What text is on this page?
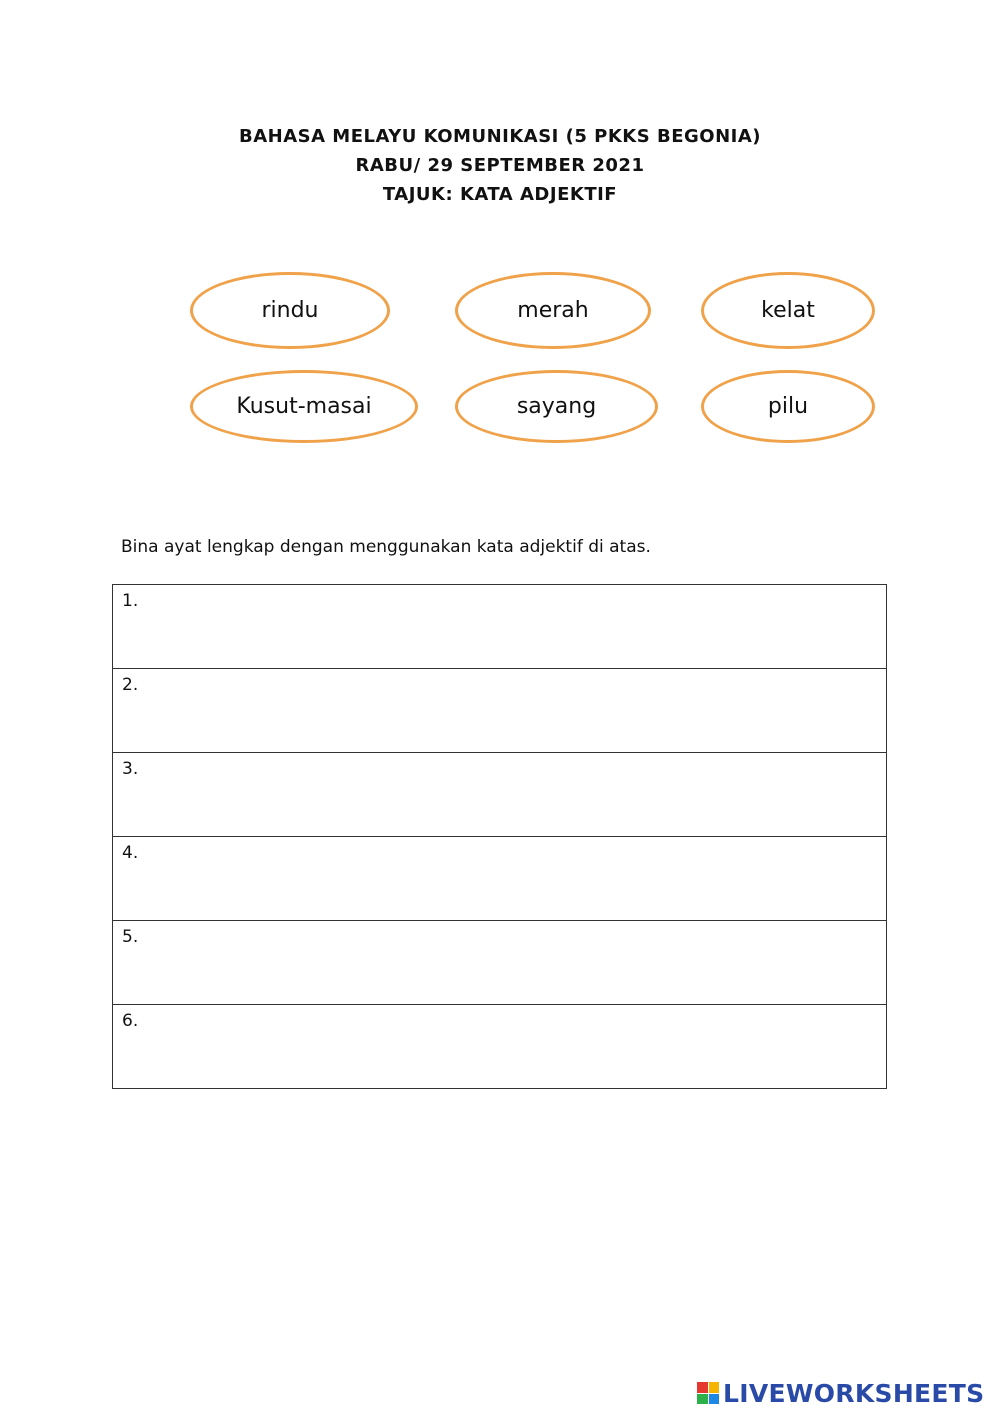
BAHASA MELAYU KOMUNIKASI (5 PKKS BEGONIA)
RABU/ 29 SEPTEMBER 2021
TAJUK: KATA ADJEKTIF
rindu	merah	kelat
Kusut-masai	sayang	pilu
Bina ayat lengkap dengan menggunakan kata adjektif di atas.
1.
2.
3.
4.
5.
6.
LIVEWORKSHEETS
